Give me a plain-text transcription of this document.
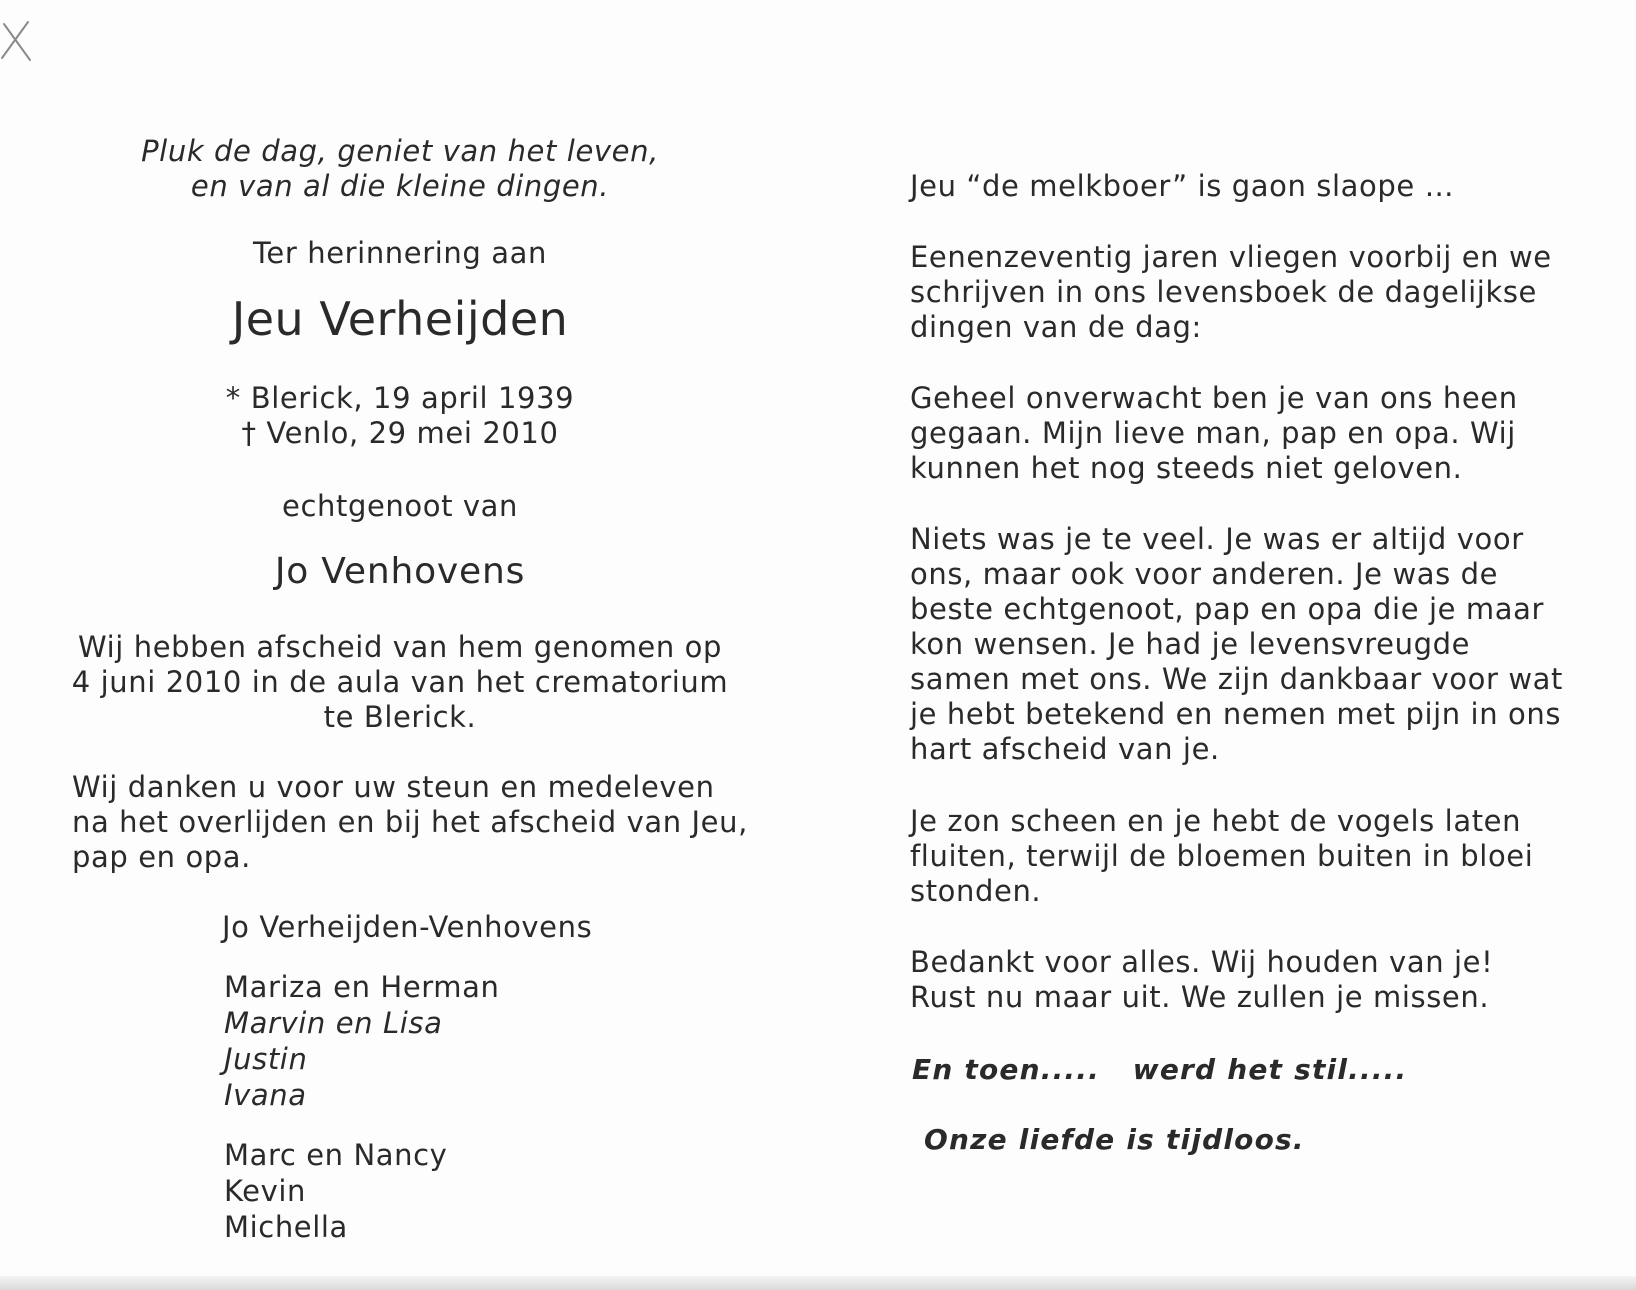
Pluk de dag, geniet van het leven,
en van al die kleine dingen.
Ter herinnering aan
Jeu Verheijden
* Blerick, 19 april 1939
† Venlo, 29 mei 2010
echtgenoot van
Jo Venhovens
Wij hebben afscheid van hem genomen op
4 juni 2010 in de aula van het crematorium
te Blerick.
Wij danken u voor uw steun en medeleven
na het overlijden en bij het afscheid van Jeu,
pap en opa.
Jo Verheijden-Venhovens
Mariza en Herman
Marvin en Lisa
Justin
Ivana
Marc en Nancy
Kevin
Michella
Jeu “de melkboer” is gaon slaope …
Eenenzeventig jaren vliegen voorbij en we
schrijven in ons levensboek de dagelijkse
dingen van de dag:
Geheel onverwacht ben je van ons heen
gegaan. Mijn lieve man, pap en opa. Wij
kunnen het nog steeds niet geloven.
Niets was je te veel. Je was er altijd voor
ons, maar ook voor anderen. Je was de
beste echtgenoot, pap en opa die je maar
kon wensen. Je had je levensvreugde
samen met ons. We zijn dankbaar voor wat
je hebt betekend en nemen met pijn in ons
hart afscheid van je.
Je zon scheen en je hebt de vogels laten
fluiten, terwijl de bloemen buiten in bloei
stonden.
Bedankt voor alles. Wij houden van je!
Rust nu maar uit. We zullen je missen.
En toen.....   werd het stil.....
Onze liefde is tijdloos.
